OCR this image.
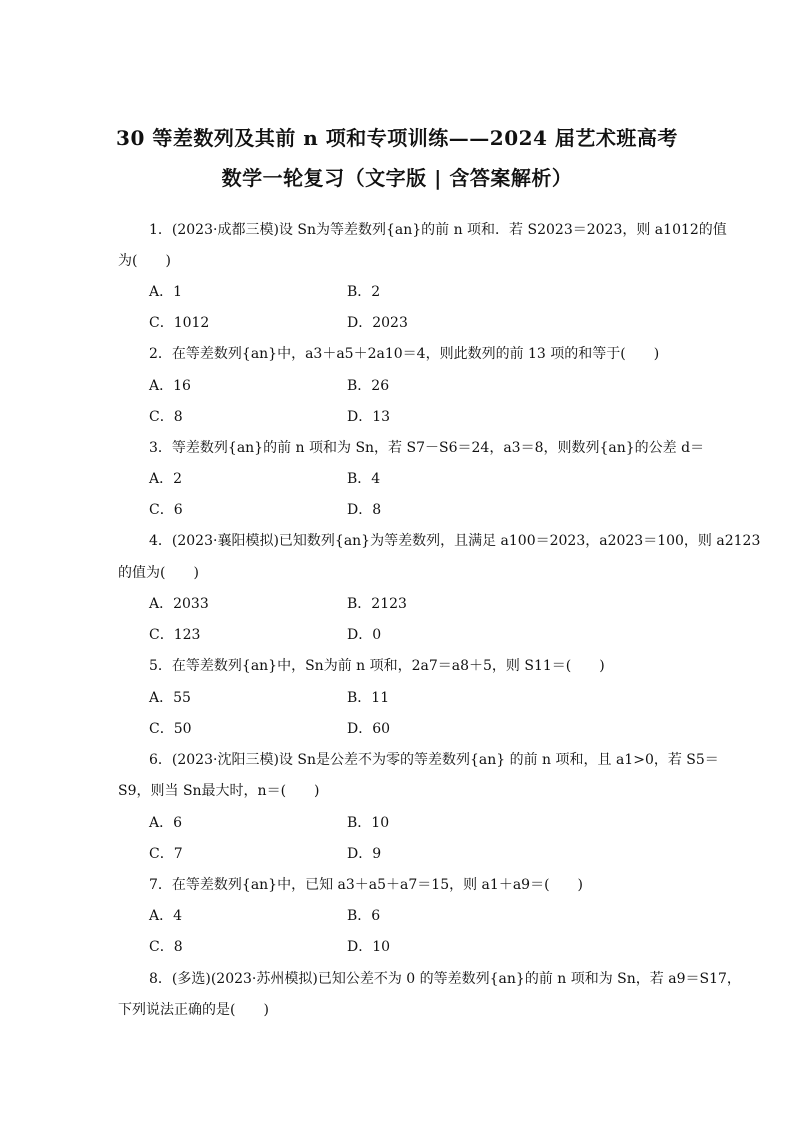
30 等差数列及其前 n 项和专项训练——2024 届艺术班高考
数学一轮复习（文字版 | 含答案解析）
1．(2023·成都三模)设 Sn为等差数列{an}的前 n 项和．若 S2023＝2023，则 a1012的值
为(　　)
A．1	B．2
C．1012	D．2023
2．在等差数列{an}中，a3＋a5＋2a10＝4，则此数列的前 13 项的和等于(　　)
A．16	B．26
C．8	D．13
3．等差数列{an}的前 n 项和为 Sn，若 S7－S6＝24，a3＝8，则数列{an}的公差 d＝
A．2	B．4
C．6	D．8
4．(2023·襄阳模拟)已知数列{an}为等差数列，且满足 a100＝2023，a2023＝100，则 a2123
的值为(　　)
A．2033	B．2123
C．123	D．0
5．在等差数列{an}中，Sn为前 n 项和，2a7＝a8＋5，则 S11＝(　　)
A．55	B．11
C．50	D．60
6．(2023·沈阳三模)设 Sn是公差不为零的等差数列{an} 的前 n 项和，且 a1>0，若 S5＝
S9，则当 Sn最大时，n＝(　　)
A．6	B．10
C．7	D．9
7．在等差数列{an}中，已知 a3＋a5＋a7＝15，则 a1＋a9＝(　　)
A．4	B．6
C．8	D．10
8．(多选)(2023·苏州模拟)已知公差不为 0 的等差数列{an}的前 n 项和为 Sn，若 a9＝S17，
下列说法正确的是(　　)
